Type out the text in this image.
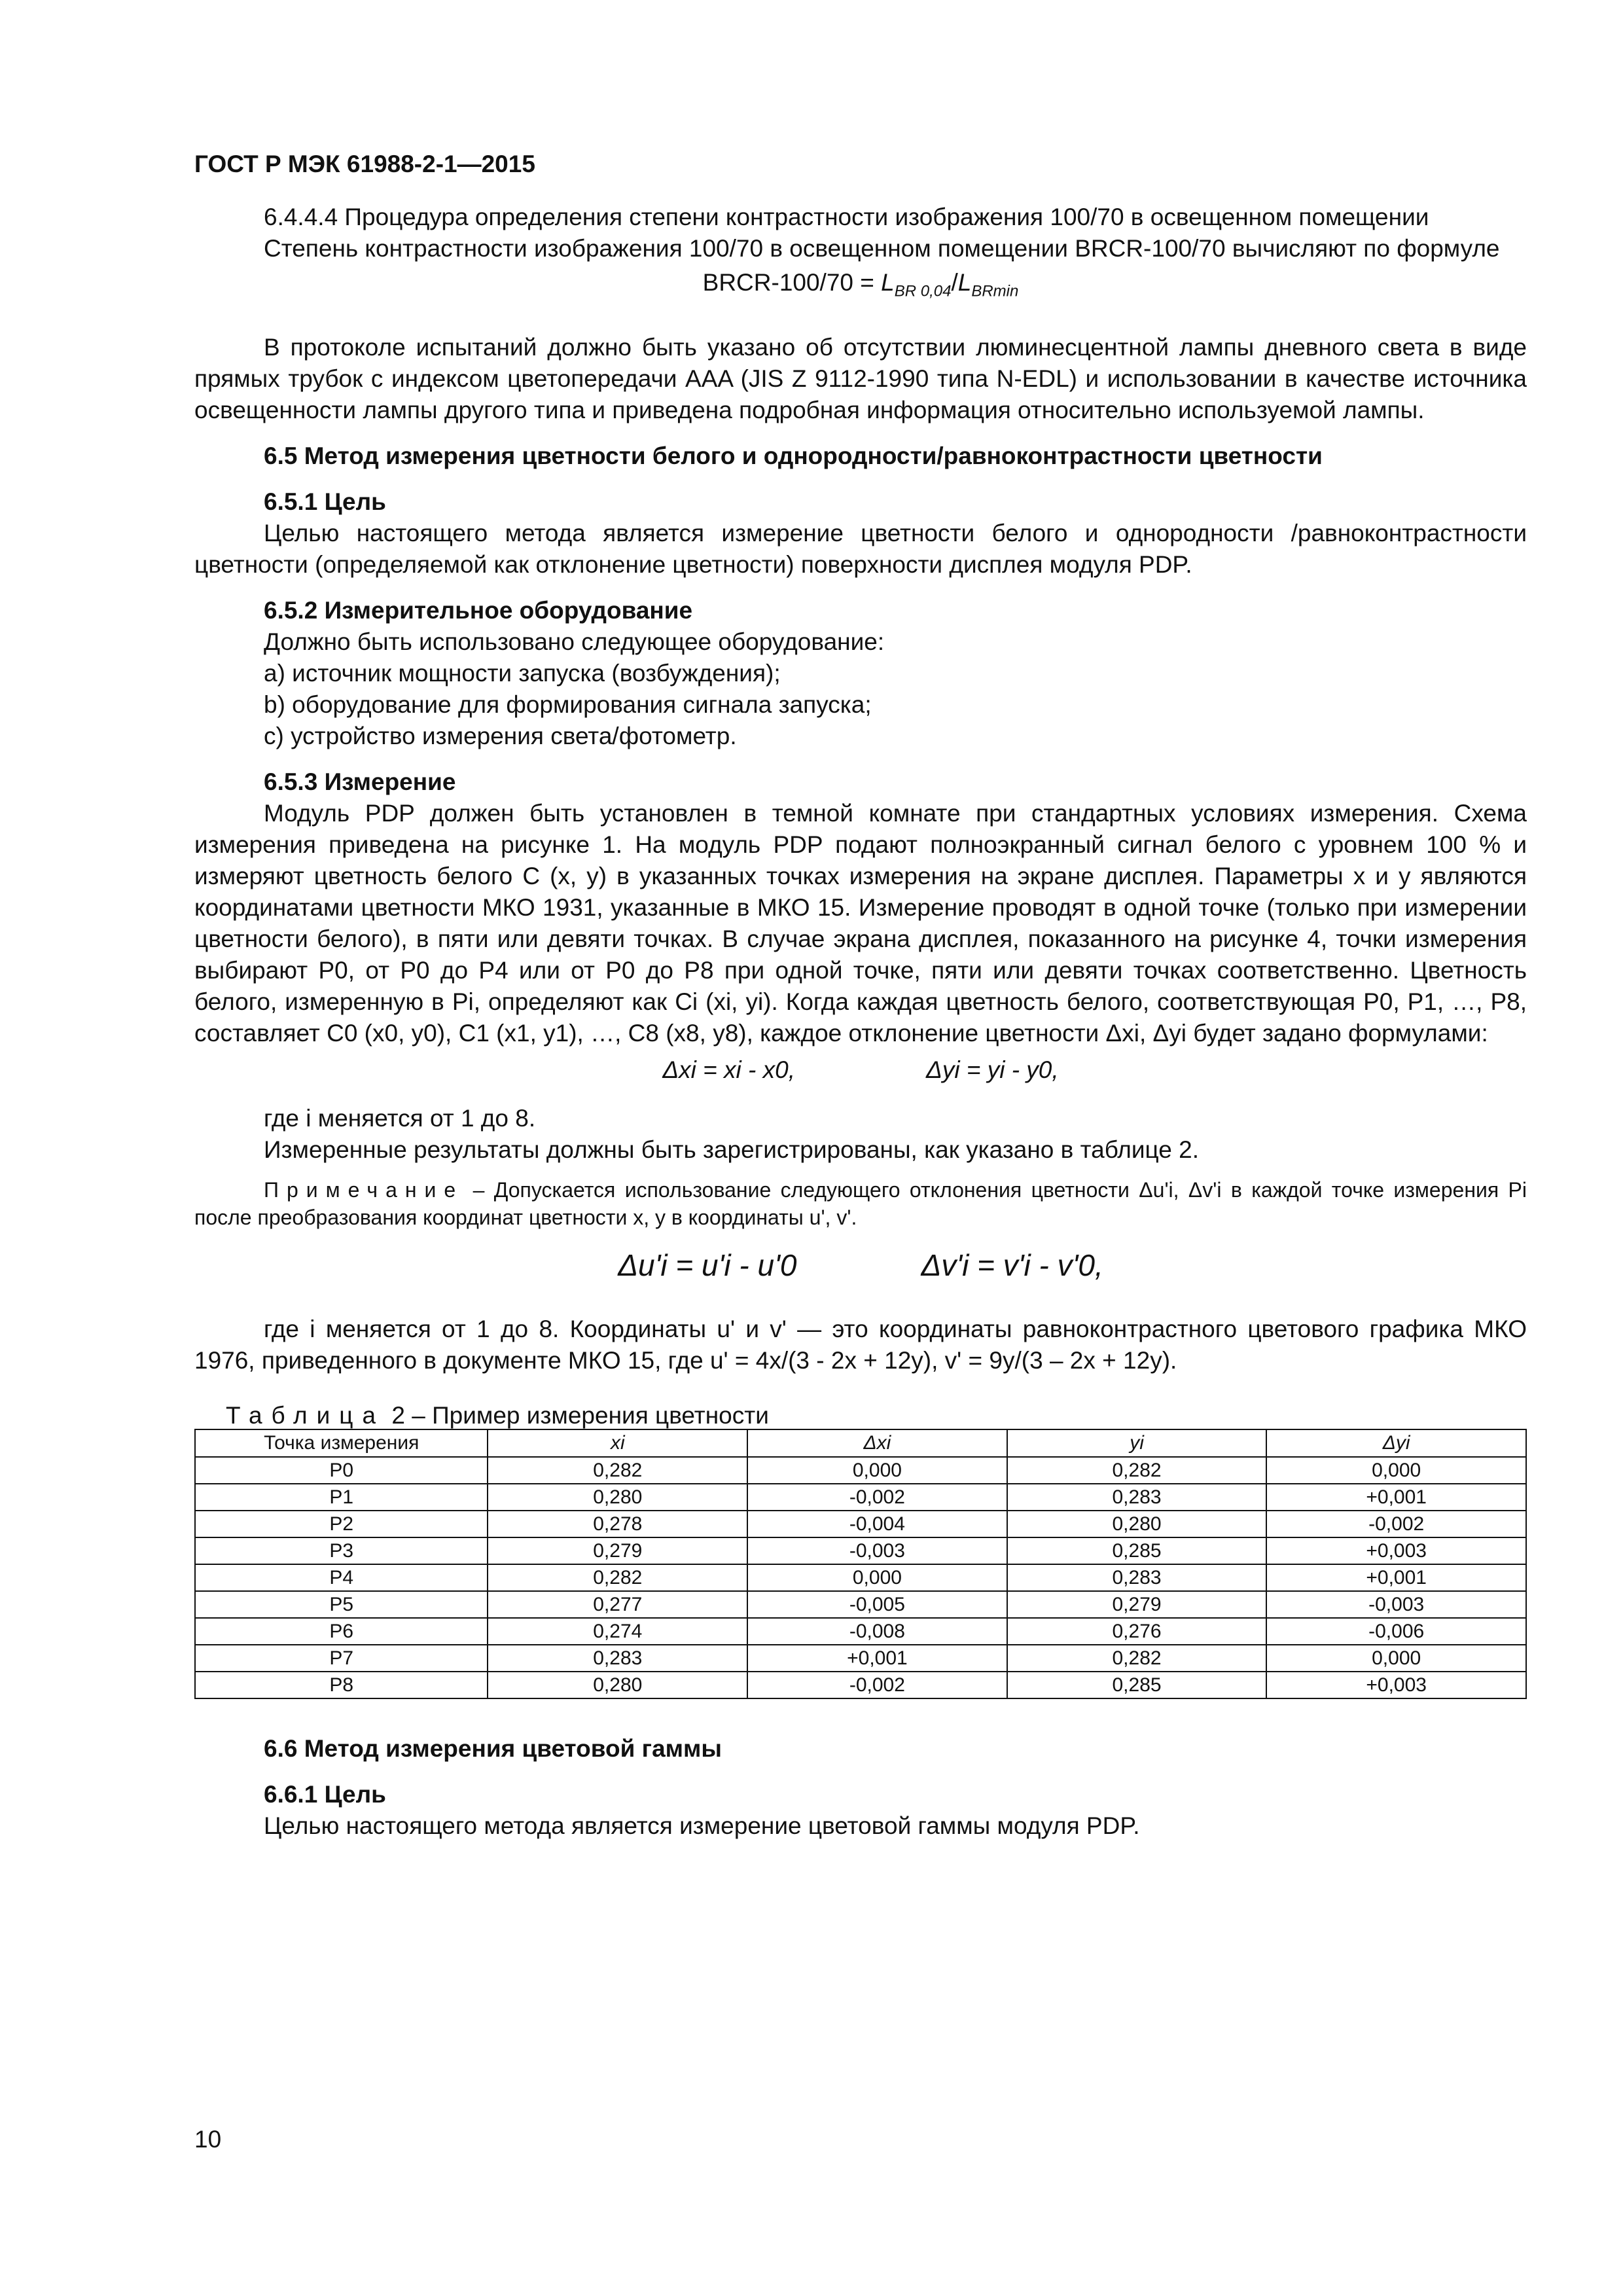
ГОСТ Р МЭК 61988-2-1—2015

6.4.4.4 Процедура определения степени контрастности изображения 100/70 в освещенном помещении

Степень контрастности изображения 100/70 в освещенном помещении BRCR-100/70 вычисляют по формуле

BRCR-100/70 = $L_{BR 0,04}/L_{BRmin}$

В протоколе испытаний должно быть указано об отсутствии люминесцентной лампы дневного света в виде прямых трубок с индексом цветопередачи AAA (JIS Z 9112-1990 типа N-EDL) и использовании в качестве источника освещенности лампы другого типа и приведена подробная информация относительно используемой лампы.

6.5 Метод измерения цветности белого и однородности/равноконтрастности цветности

6.5.1 Цель

Целью настоящего метода является измерение цветности белого и однородности /равноконтрастности цветности (определяемой как отклонение цветности) поверхности дисплея модуля PDP.

6.5.2 Измерительное оборудование

Должно быть использовано следующее оборудование:

a) источник мощности запуска (возбуждения);

b) оборудование для формирования сигнала запуска;

c) устройство измерения света/фотометр.

6.5.3 Измерение

Модуль PDP должен быть установлен в темной комнате при стандартных условиях измерения. Схема измерения приведена на рисунке 1. На модуль PDP подают полноэкранный сигнал белого с уровнем 100 % и измеряют цветность белого C (x, y) в указанных точках измерения на экране дисплея. Параметры x и y являются координатами цветности МКО 1931, указанные в МКО 15. Измерение проводят в одной точке (только при измерении цветности белого), в пяти или девяти точках. В случае экрана дисплея, показанного на рисунке 4, точки измерения выбирают P0, от P0 до P4 или от P0 до P8 при одной точке, пяти или девяти точках соответственно. Цветность белого, измеренную в Pi, определяют как Ci (xi, yi). Когда каждая цветность белого, соответствующая P0, P1, …, P8, составляет C0 (x0, y0), C1 (x1, y1), …, C8 (x8, y8), каждое отклонение цветности Δxi, Δyi будет задано формулами:

Δxi = xi - x0,	Δyi = yi - y0,

где i меняется от 1 до 8.

Измеренные результаты должны быть зарегистрированы, как указано в таблице 2.

Примечание – Допускается использование следующего отклонения цветности Δu'i, Δv'i в каждой точке измерения Pi после преобразования координат цветности x, y в координаты u', v'.
Δu'i = u'i - u'0	Δv'i = v'i - v'0,

где i меняется от 1 до 8. Координаты u' и v' — это координаты равноконтрастного цветового графика МКО 1976, приведенного в документе МКО 15, где u' = 4x/(3 - 2x + 12y), v' = 9y/(3 – 2x + 12y).

Таблица 2 – Пример измерения цветности
Точка измерения	xi	Δxi	yi	Δyi
P0	0,282	0,000	0,282	0,000
P1	0,280	-0,002	0,283	+0,001
P2	0,278	-0,004	0,280	-0,002
P3	0,279	-0,003	0,285	+0,003
P4	0,282	0,000	0,283	+0,001
P5	0,277	-0,005	0,279	-0,003
P6	0,274	-0,008	0,276	-0,006
P7	0,283	+0,001	0,282	0,000
P8	0,280	-0,002	0,285	+0,003

6.6 Метод измерения цветовой гаммы

6.6.1 Цель

Целью настоящего метода является измерение цветовой гаммы модуля PDP.

10
